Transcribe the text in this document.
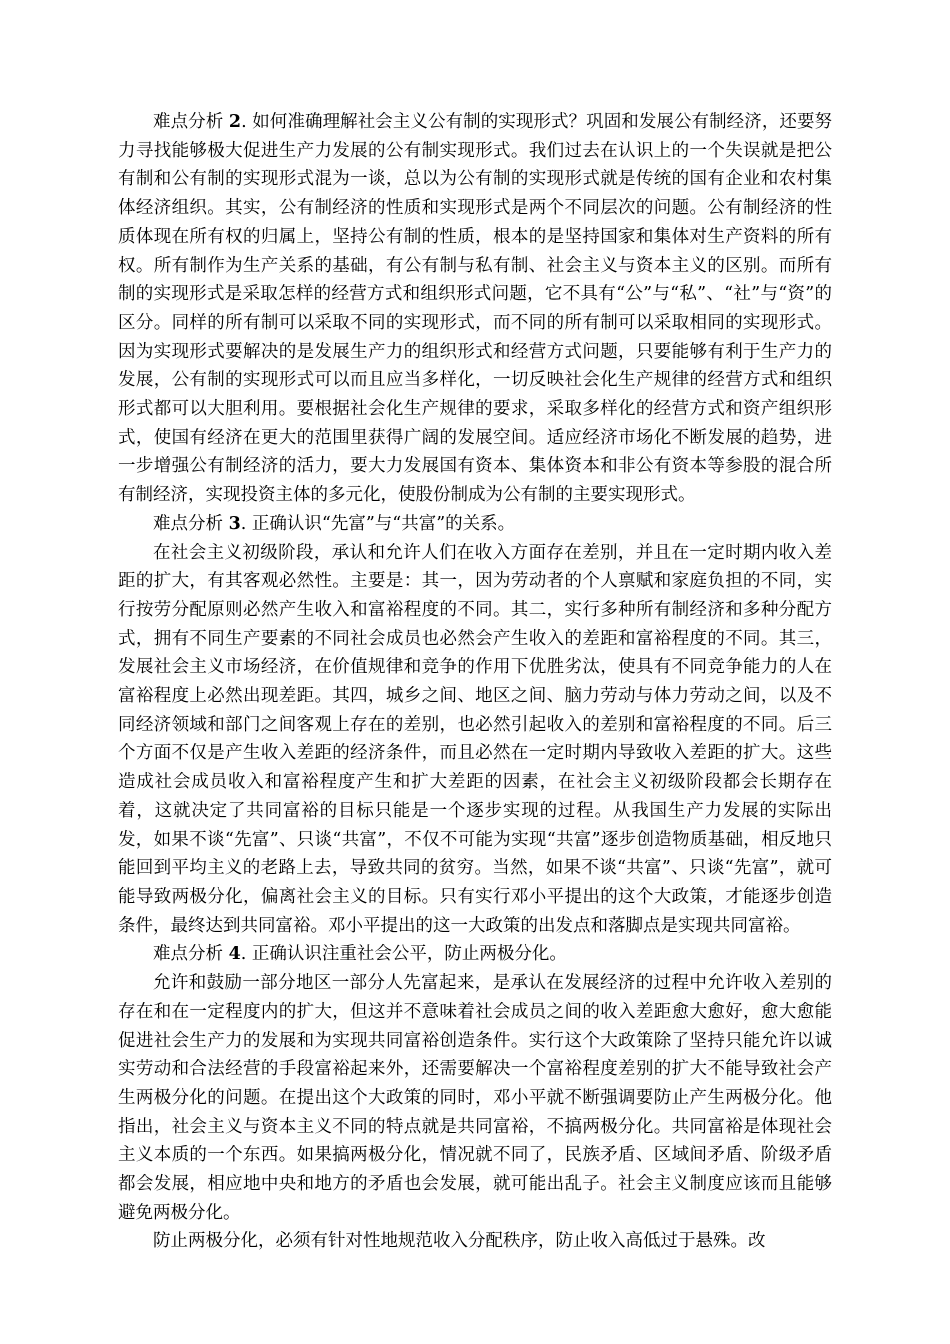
难点分析 2. 如何准确理解社会主义公有制的实现形式？巩固和发展公有制经济，还要努力寻找能够极大促进生产力发展的公有制实现形式。我们过去在认识上的一个失误就是把公有制和公有制的实现形式混为一谈，总以为公有制的实现形式就是传统的国有企业和农村集体经济组织。其实，公有制经济的性质和实现形式是两个不同层次的问题。公有制经济的性质体现在所有权的归属上，坚持公有制的性质，根本的是坚持国家和集体对生产资料的所有权。所有制作为生产关系的基础，有公有制与私有制、社会主义与资本主义的区别。而所有制的实现形式是采取怎样的经营方式和组织形式问题，它不具有“公”与“私”、“社”与“资”的区分。同样的所有制可以采取不同的实现形式，而不同的所有制可以采取相同的实现形式。因为实现形式要解决的是发展生产力的组织形式和经营方式问题，只要能够有利于生产力的发展，公有制的实现形式可以而且应当多样化，一切反映社会化生产规律的经营方式和组织形式都可以大胆利用。要根据社会化生产规律的要求，采取多样化的经营方式和资产组织形式，使国有经济在更大的范围里获得广阔的发展空间。适应经济市场化不断发展的趋势，进一步增强公有制经济的活力，要大力发展国有资本、集体资本和非公有资本等参股的混合所有制经济，实现投资主体的多元化，使股份制成为公有制的主要实现形式。

难点分析 3. 正确认识“先富”与“共富”的关系。

在社会主义初级阶段，承认和允许人们在收入方面存在差别，并且在一定时期内收入差距的扩大，有其客观必然性。主要是：其一，因为劳动者的个人禀赋和家庭负担的不同，实行按劳分配原则必然产生收入和富裕程度的不同。其二，实行多种所有制经济和多种分配方式，拥有不同生产要素的不同社会成员也必然会产生收入的差距和富裕程度的不同。其三，发展社会主义市场经济，在价值规律和竞争的作用下优胜劣汰，使具有不同竞争能力的人在富裕程度上必然出现差距。其四，城乡之间、地区之间、脑力劳动与体力劳动之间，以及不同经济领域和部门之间客观上存在的差别，也必然引起收入的差别和富裕程度的不同。后三个方面不仅是产生收入差距的经济条件，而且必然在一定时期内导致收入差距的扩大。这些造成社会成员收入和富裕程度产生和扩大差距的因素，在社会主义初级阶段都会长期存在着，这就决定了共同富裕的目标只能是一个逐步实现的过程。从我国生产力发展的实际出发，如果不谈“先富”、只谈“共富”，不仅不可能为实现“共富”逐步创造物质基础，相反地只能回到平均主义的老路上去，导致共同的贫穷。当然，如果不谈“共富”、只谈“先富”，就可能导致两极分化，偏离社会主义的目标。只有实行邓小平提出的这个大政策，才能逐步创造条件，最终达到共同富裕。邓小平提出的这一大政策的出发点和落脚点是实现共同富裕。

难点分析 4. 正确认识注重社会公平，防止两极分化。

允许和鼓励一部分地区一部分人先富起来，是承认在发展经济的过程中允许收入差别的存在和在一定程度内的扩大，但这并不意味着社会成员之间的收入差距愈大愈好，愈大愈能促进社会生产力的发展和为实现共同富裕创造条件。实行这个大政策除了坚持只能允许以诚实劳动和合法经营的手段富裕起来外，还需要解决一个富裕程度差别的扩大不能导致社会产生两极分化的问题。在提出这个大政策的同时，邓小平就不断强调要防止产生两极分化。他指出，社会主义与资本主义不同的特点就是共同富裕，不搞两极分化。共同富裕是体现社会主义本质的一个东西。如果搞两极分化，情况就不同了，民族矛盾、区域间矛盾、阶级矛盾都会发展，相应地中央和地方的矛盾也会发展，就可能出乱子。社会主义制度应该而且能够避免两极分化。

防止两极分化，必须有针对性地规范收入分配秩序，防止收入高低过于悬殊。改
